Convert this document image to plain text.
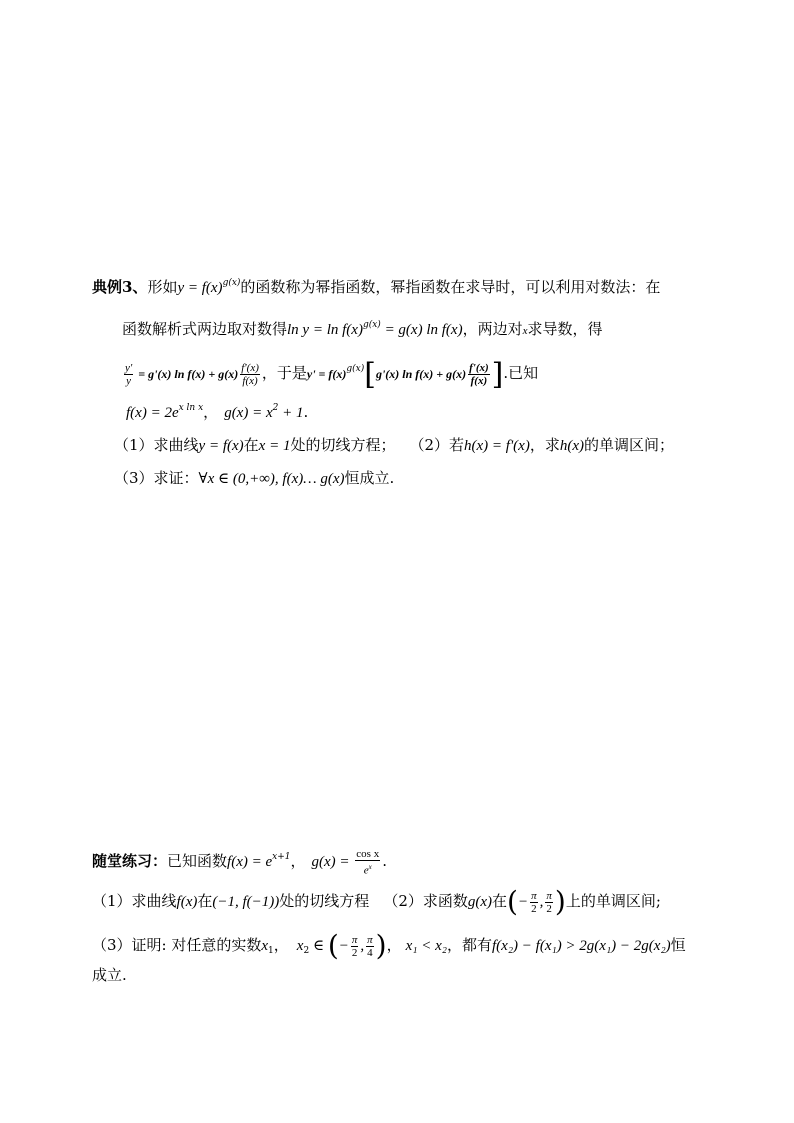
典例3、形如$y = f(x)^{g(x)}$的函数称为幂指函数，幂指函数在求导时，可以利用对数法：在
函数解析式两边取对数得$\ln y = \ln f(x)^{g(x)} = g(x)$ ln f(x)，两边对x求导数，得
$\frac{y'}{y} = g'(x)$ $\ln f(x) + g(x) \frac{f'(x)}{f(x)}$ ，于是$y' = f(x)^{g(x)}[g'(x)$ $\ln f(x) + g(x) \frac{f'(x)}{f(x)}$ ].已知
$f(x) = 2e^{x ln x}$， $g(x) = x^2 + 1$.
（1）求曲线y = f(x)在x = 1处的切线方程； （2）若h(x) = f'(x)，求h(x)的单调区间；
（3）求证：∀x ∈ (0,+∞), f(x)… g(x)恒成立.
随堂练习：已知函数$f(x) = e^{x+1}$， $g(x) = \frac{\text{cos x}}{e^x}$ .
（1）求曲线f(x)在(−1, f(−1))处的切线方程 （2）求函数g(x)在(− $\frac{\pi}{2}$ , $\frac{\pi}{2}$ )上的单调区间;
（3）证明: 对任意的实数$x_1$， $x_2$ ∈ (− $\frac{\pi}{2}$ , $\frac{\pi}{4}$ )， x₁ < x₂，都有f(x₂) − f(x₁) > 2g(x₁) − 2g(x₂)恒
成立.
